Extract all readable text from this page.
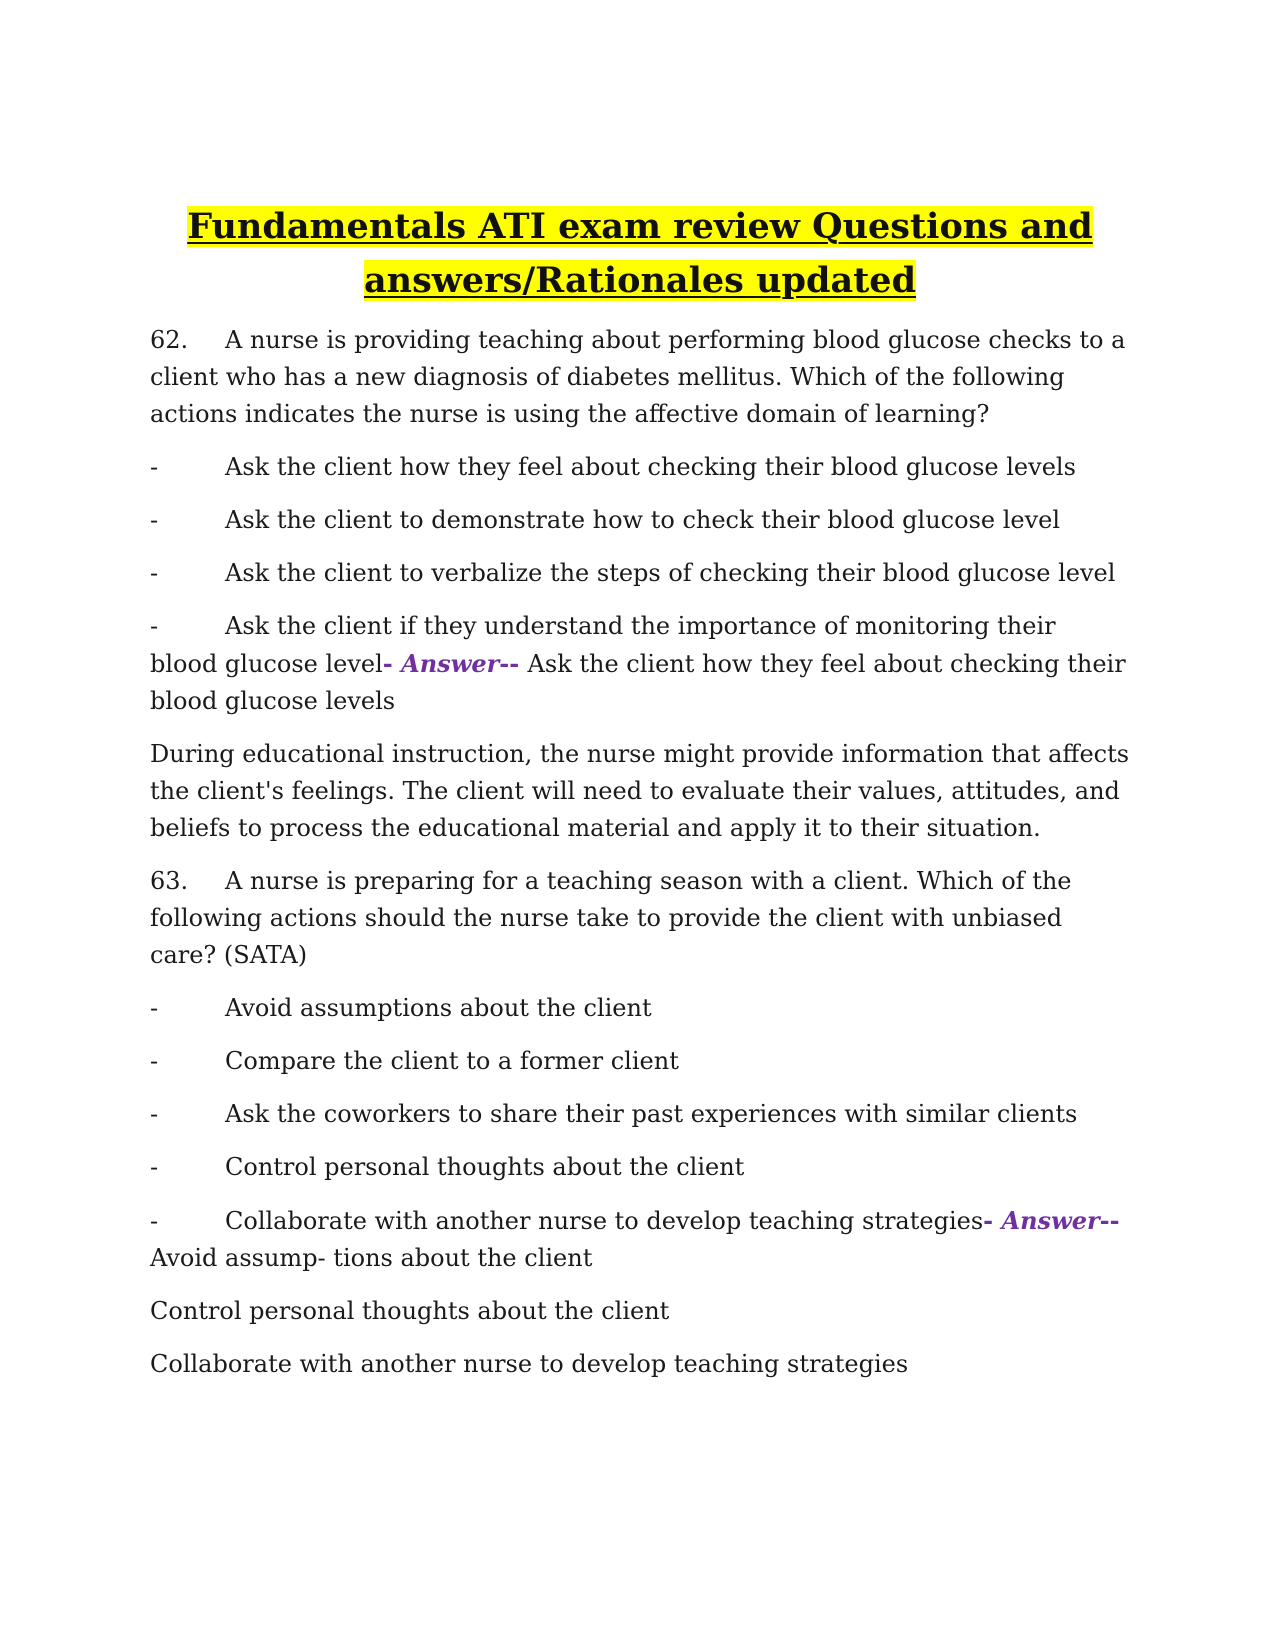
Fundamentals ATI exam review Questions and
answers/Rationales updated

62. A nurse is providing teaching about performing blood glucose checks to a client who has a new diagnosis of diabetes mellitus. Which of the following actions indicates the nurse is using the affective domain of learning?

-	Ask the client how they feel about checking their blood glucose levels

-	Ask the client to demonstrate how to check their blood glucose level

-	Ask the client to verbalize the steps of checking their blood glucose level

-	Ask the client if they understand the importance of monitoring their blood glucose level- Answer-- Ask the client how they feel about checking their blood glucose levels

During educational instruction, the nurse might provide information that affects the client's feelings. The client will need to evaluate their values, attitudes, and beliefs to process the educational material and apply it to their situation.

63. A nurse is preparing for a teaching season with a client. Which of the following actions should the nurse take to provide the client with unbiased care? (SATA)

-	Avoid assumptions about the client

-	Compare the client to a former client

-	Ask the coworkers to share their past experiences with similar clients

-	Control personal thoughts about the client

-	Collaborate with another nurse to develop teaching strategies- Answer-- Avoid assump- tions about the client

Control personal thoughts about the client

Collaborate with another nurse to develop teaching strategies
